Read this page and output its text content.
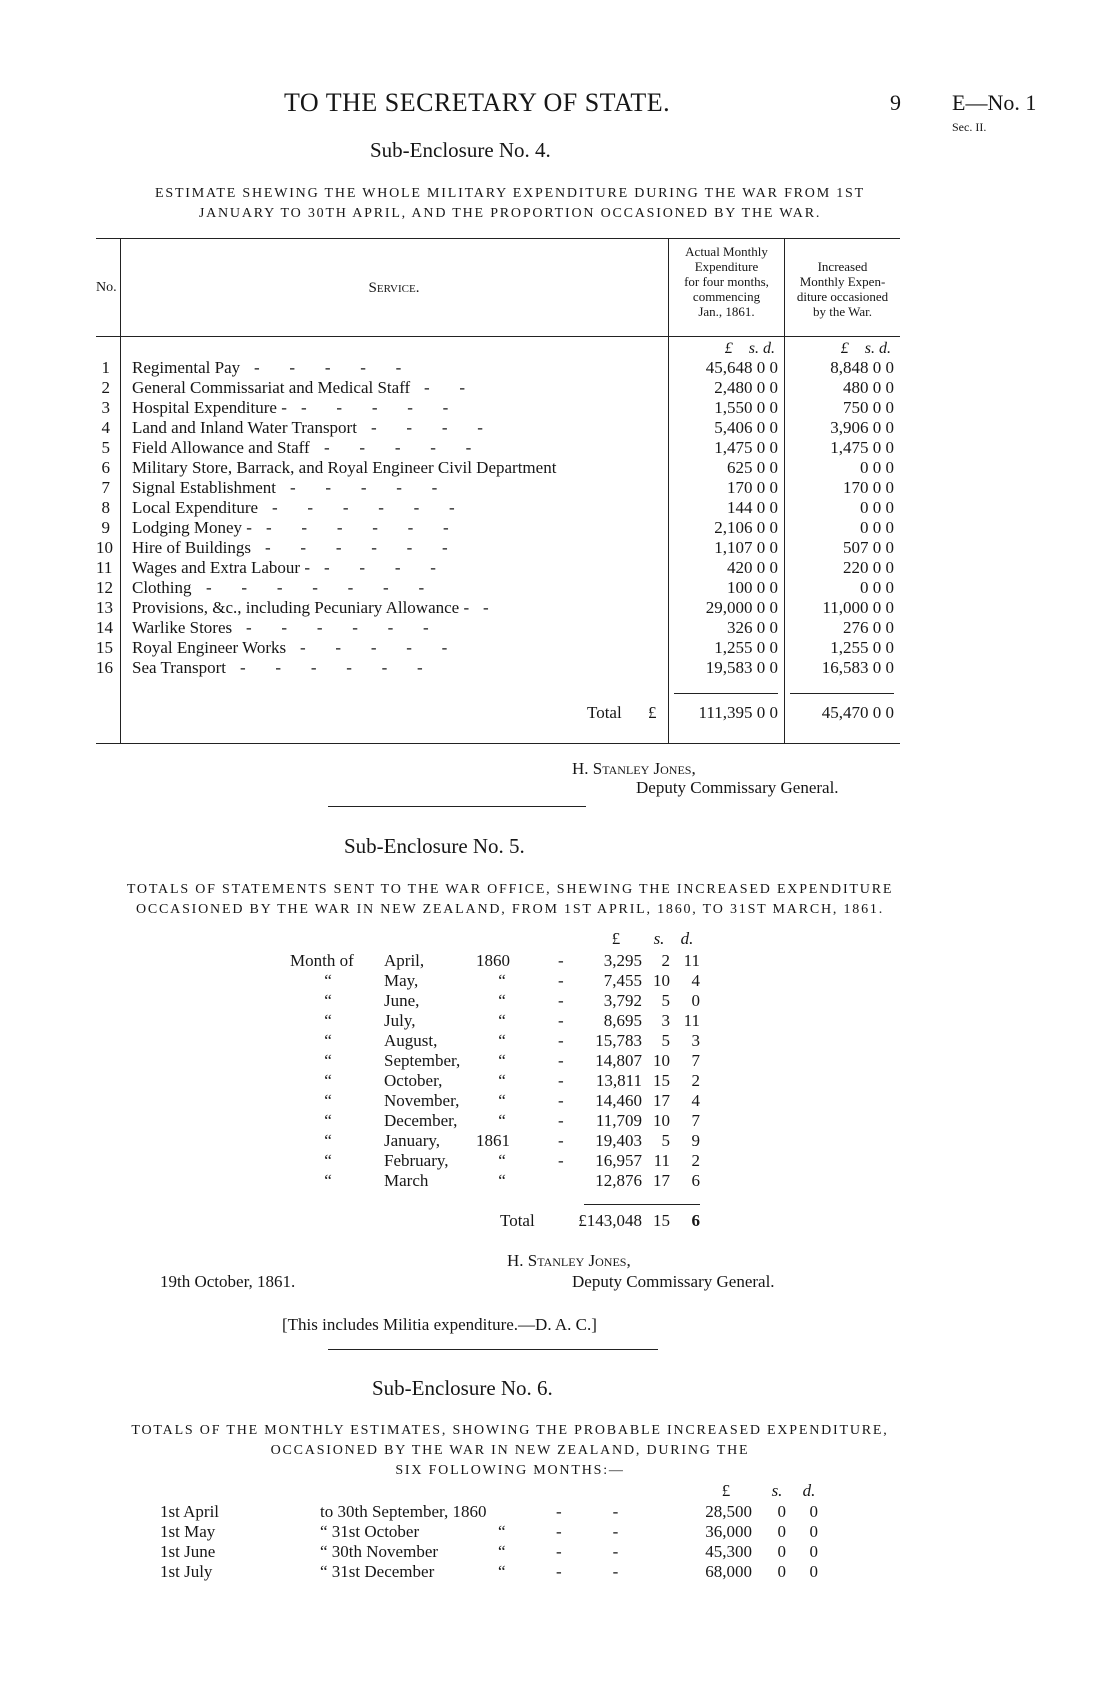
TO THE SECRETARY OF STATE.	9 E—No. 1
Sec. II.
Sub-Enclosure No. 4.
ESTIMATE SHEWING THE WHOLE MILITARY EXPENDITURE DURING THE WAR FROM 1ST
JANUARY TO 30TH APRIL, AND THE PROPORTION OCCASIONED BY THE WAR.
No.	Service.
Actual Monthly
Expenditure
for four months,
commencing
Jan., 1861.
Increased
Monthly Expen-
diture occasioned
by the War.
£    s. d.	£    s. d.
1 Regimental Pay -       -       -       -       -	45,648 0 0	8,848 0 0
2 General Commissariat and Medical Staff -       -	2,480 0 0	480 0 0
3 Hospital Expenditure - -       -       -       -       -	1,550 0 0	750 0 0
4 Land and Inland Water Transport -       -       -       -	5,406 0 0	3,906 0 0
5 Field Allowance and Staff -       -       -       -       -	1,475 0 0	1,475 0 0
6 Military Store, Barrack, and Royal Engineer Civil Department	625 0 0	0 0 0
7 Signal Establishment -       -       -       -       -	170 0 0	170 0 0
8 Local Expenditure -       -       -       -       -       -	144 0 0	0 0 0
9 Lodging Money - -       -       -       -       -       -	2,106 0 0	0 0 0
10 Hire of Buildings -       -       -       -       -       -	1,107 0 0	507 0 0
11 Wages and Extra Labour - -       -       -       -	420 0 0	220 0 0
12 Clothing -       -       -       -       -       -       -	100 0 0	0 0 0
13 Provisions, &c., including Pecuniary Allowance - -	29,000 0 0	11,000 0 0
14 Warlike Stores -       -       -       -       -       -	326 0 0	276 0 0
15 Royal Engineer Works -       -       -       -       -	1,255 0 0	1,255 0 0
16 Sea Transport -       -       -       -       -       -	19,583 0 0	16,583 0 0
Total £	111,395 0 0	45,470 0 0
H. Stanley Jones,
Deputy Commissary General.
Sub-Enclosure No. 5.
TOTALS OF STATEMENTS SENT TO THE WAR OFFICE, SHEWING THE INCREASED EXPENDITURE
OCCASIONED BY THE WAR IN NEW ZEALAND, FROM 1ST APRIL, 1860, TO 31ST MARCH, 1861.
£	s. d.
Month of April,	1860	-	3,295	2 11
“	May,	“	-	7,455 10	4
“	June,	“	-	3,792	5	0
“	July,	“	-	8,695	3 11
“	August,	“	-	15,783	5	3
“	September, “	-	14,807 10	7
“	October,	“	-	13,811 15	2
“	November, “	-	14,460 17	4
“	December, “	-	11,709 10	7
“	January, 1861	-	19,403	5	9
“	February,	“	-	16,957 11	2
“	March	“	12,876 17	6
Total	£143,048 15	6
H. Stanley Jones,
Deputy Commissary General.
19th October, 1861.
[This includes Militia expenditure.—D. A. C.]
Sub-Enclosure No. 6.
TOTALS OF THE MONTHLY ESTIMATES, SHOWING THE PROBABLE INCREASED EXPENDITURE,
OCCASIONED BY THE WAR IN NEW ZEALAND, DURING THE
SIX FOLLOWING MONTHS:—
£	s.	d.
1st April	to 30th September, 1860	-            -	28,500	0	0
1st May	“ 31st October	“	-            -	36,000	0	0
1st June	“ 30th November	“	-            -	45,300	0	0
1st July	“ 31st December	“	-            -	68,000	0	0
